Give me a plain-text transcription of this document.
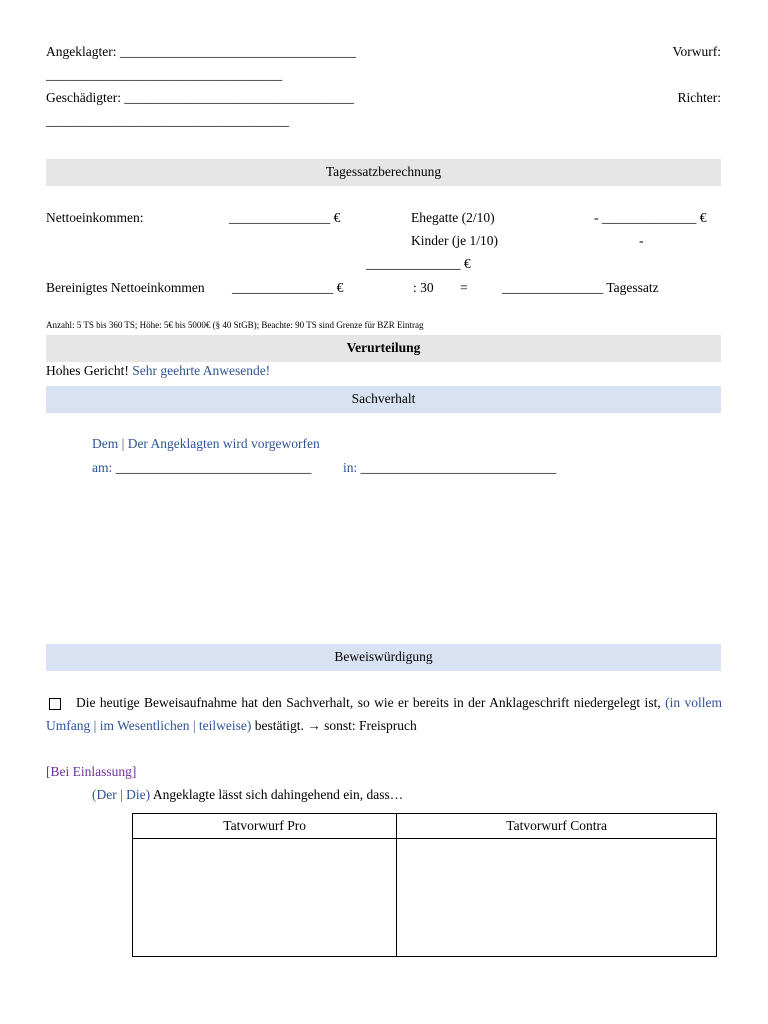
Angeklagter: ___________________________________	Vorwurf:
___________________________________
Geschädigter: __________________________________	Richter:
____________________________________
Tagessatzberechnung
Nettoeinkommen:	_______________ €	Ehegatte (2/10)	- ______________ €
Kinder (je 1/10)	-
______________ €
Bereinigtes Nettoeinkommen _______________ €	: 30 =	_______________ Tagessatz
Anzahl: 5 TS bis 360 TS; Höhe: 5€ bis 5000€ (§ 40 StGB); Beachte: 90 TS sind Grenze für BZR Eintrag
Verurteilung
Hohes Gericht! Sehr geehrte Anwesende!
Sachverhalt
Dem | Der Angeklagten wird vorgeworfen
am: _____________________________ in: _____________________________
Beweiswürdigung
Die heutige Beweisaufnahme hat den Sachverhalt, so wie er bereits in der Anklageschrift niedergelegt ist, (in vollem Umfang | im Wesentlichen | teilweise) bestätigt. → sonst: Freispruch
[Bei Einlassung]
(Der | Die) Angeklagte lässt sich dahingehend ein, dass…
Tatvorwurf Pro	Tatvorwurf Contra
